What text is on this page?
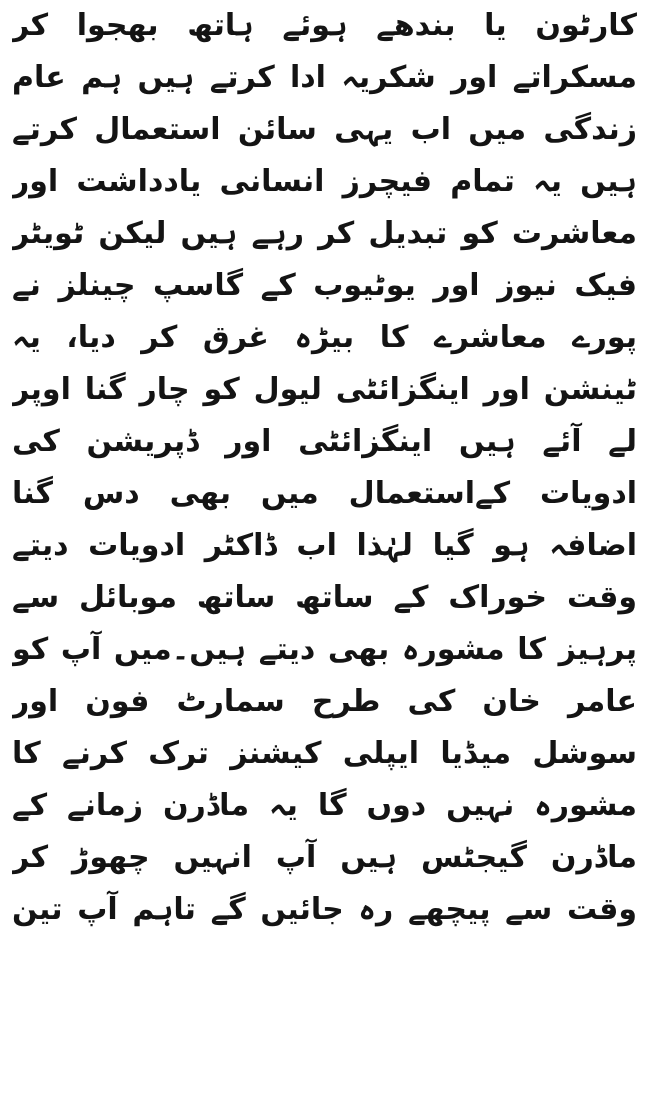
کارٹون یا بندھے ہوئے ہاتھ بھجوا کر
مسکراتے اور شکریہ ادا کرتے ہیں ہم عام
زندگی میں اب یہی سائن استعمال کرتے
ہیں یہ تمام فیچرز انسانی یادداشت اور
معاشرت کو تبدیل کر رہے ہیں لیکن ٹویٹر
فیک نیوز اور یوٹیوب کے گاسپ چینلز نے
پورے معاشرے کا بیڑہ غرق کر دیا، یہ
ٹینشن اور اینگزائٹی لیول کو چار گنا اوپر
لے آئے ہیں اینگزائٹی اور ڈپریشن کی
ادویات کےاستعمال میں بھی دس گنا
اضافہ ہو گیا لہٰذا اب ڈاکٹر ادویات دیتے
وقت خوراک کے ساتھ ساتھ موبائل سے
پرہیز کا مشورہ بھی دیتے ہیں۔میں آپ کو
عامر خان کی طرح سمارٹ فون اور
سوشل میڈیا ایپلی کیشنز ترک کرنے کا
مشورہ نہیں دوں گا یہ ماڈرن زمانے کے
ماڈرن گیجٹس ہیں آپ انہیں چھوڑ کر
وقت سے پیچھے رہ جائیں گے تاہم آپ تین
